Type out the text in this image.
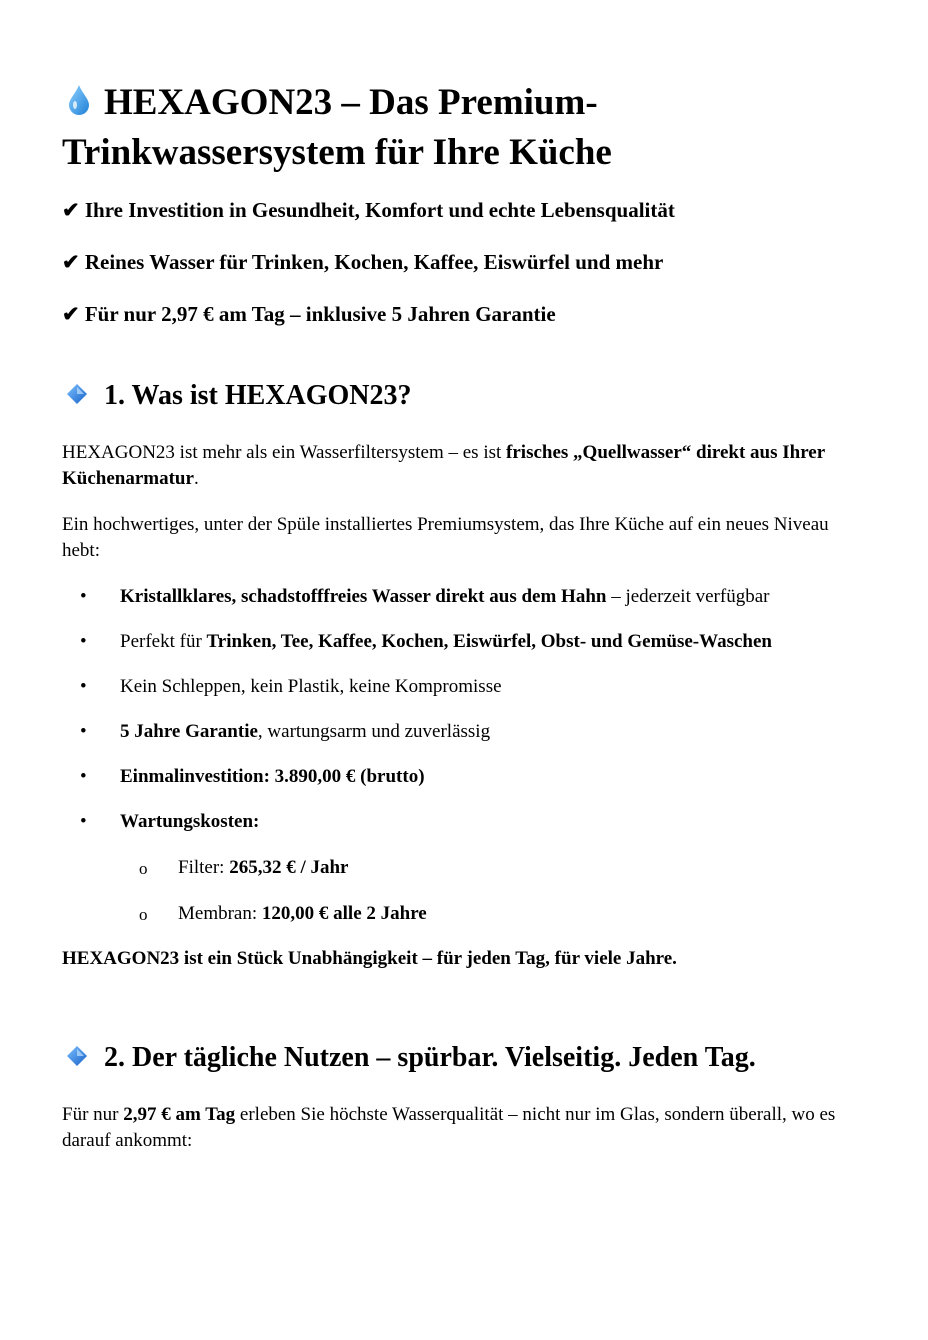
HEXAGON23 – Das Premium-Trinkwassersystem für Ihre Küche

✔ Ihre Investition in Gesundheit, Komfort und echte Lebensqualität

✔ Reines Wasser für Trinken, Kochen, Kaffee, Eiswürfel und mehr

✔ Für nur 2,97 € am Tag – inklusive 5 Jahren Garantie

1. Was ist HEXAGON23?

HEXAGON23 ist mehr als ein Wasserfiltersystem – es ist frisches „Quellwasser“ direkt aus Ihrer Küchenarmatur.

Ein hochwertiges, unter der Spüle installiertes Premiumsystem, das Ihre Küche auf ein neues Niveau hebt:

• Kristallklares, schadstofffreies Wasser direkt aus dem Hahn – jederzeit verfügbar
• Perfekt für Trinken, Tee, Kaffee, Kochen, Eiswürfel, Obst- und Gemüse-Waschen
• Kein Schleppen, kein Plastik, keine Kompromisse
• 5 Jahre Garantie, wartungsarm und zuverlässig
• Einmalinvestition: 3.890,00 € (brutto)
• Wartungskosten:
o Filter: 265,32 € / Jahr
o Membran: 120,00 € alle 2 Jahre

HEXAGON23 ist ein Stück Unabhängigkeit – für jeden Tag, für viele Jahre.

2. Der tägliche Nutzen – spürbar. Vielseitig. Jeden Tag.

Für nur 2,97 € am Tag erleben Sie höchste Wasserqualität – nicht nur im Glas, sondern überall, wo es darauf ankommt:
